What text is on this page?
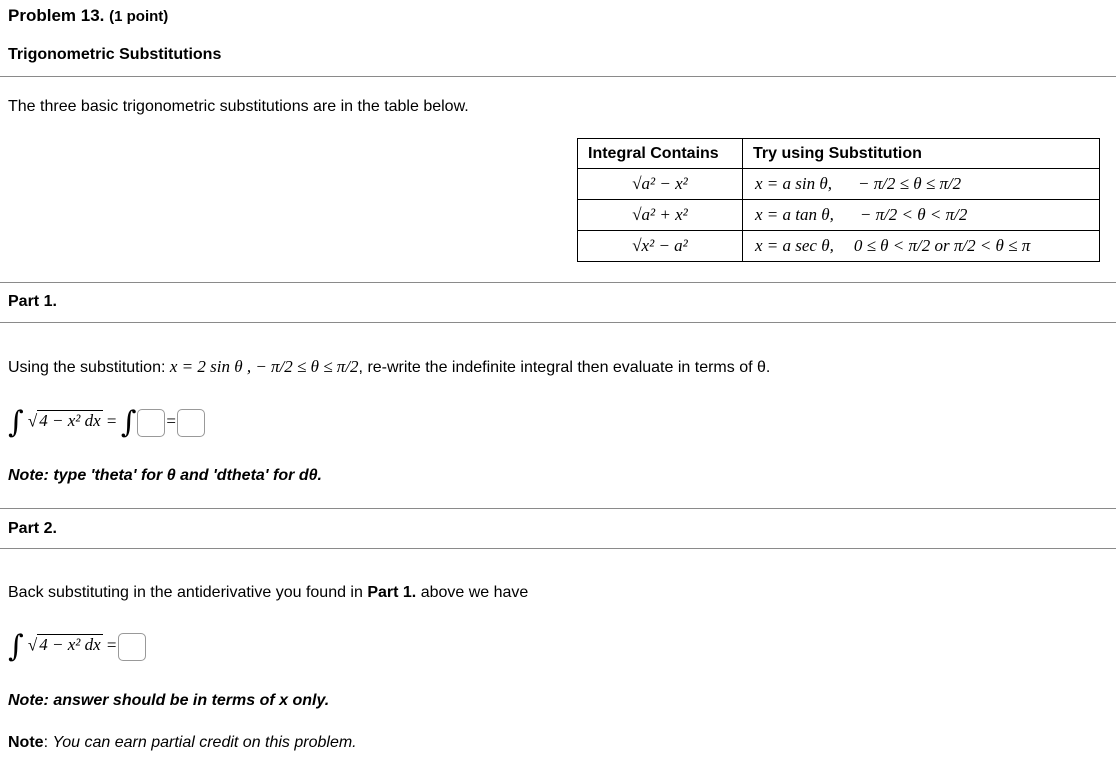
Problem 13. (1 point)
Trigonometric Substitutions
The three basic trigonometric substitutions are in the table below.
Integral Contains	Try using Substitution
√a² − x²	x = a sin θ, − π/2 ≤ θ ≤ π/2
√a² + x²	x = a tan θ, − π/2 < θ < π/2
√x² − a²	x = a sec θ, 0 ≤ θ < π/2 or π/2 < θ ≤ π
Part 1.
Using the substitution: x = 2 sin θ , − π/2 ≤ θ ≤ π/2, re-write the indefinite integral then evaluate in terms of θ.
∫ √ 4 − x² dx = ∫ =
Note: type 'theta' for θ and 'dtheta' for dθ.
Part 2.
Back substituting in the antiderivative you found in Part 1. above we have
∫ √ 4 − x² dx =
Note: answer should be in terms of x only.
Note: You can earn partial credit on this problem.
